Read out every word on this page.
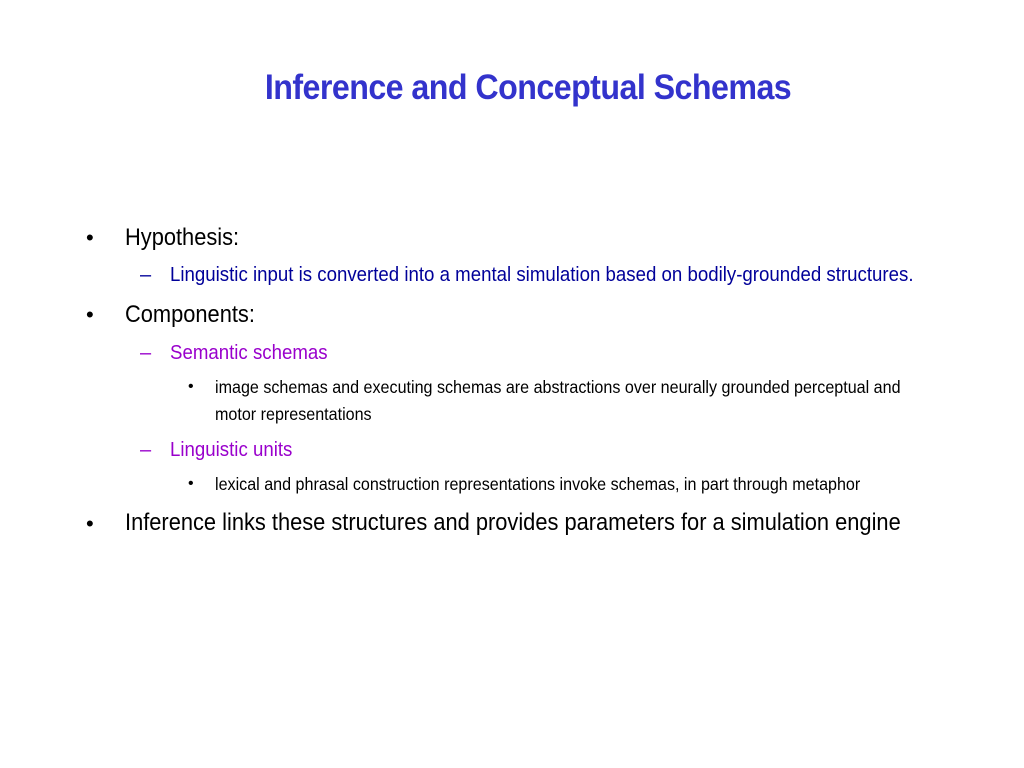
Inference and Conceptual Schemas
• Hypothesis:
– Linguistic input is converted into a mental simulation based on bodily-grounded structures.
• Components:
– Semantic schemas
• image schemas and executing schemas are abstractions over neurally grounded perceptual and
motor representations
– Linguistic units
• lexical and phrasal construction representations invoke schemas, in part through metaphor
• Inference links these structures and provides parameters for a simulation engine
